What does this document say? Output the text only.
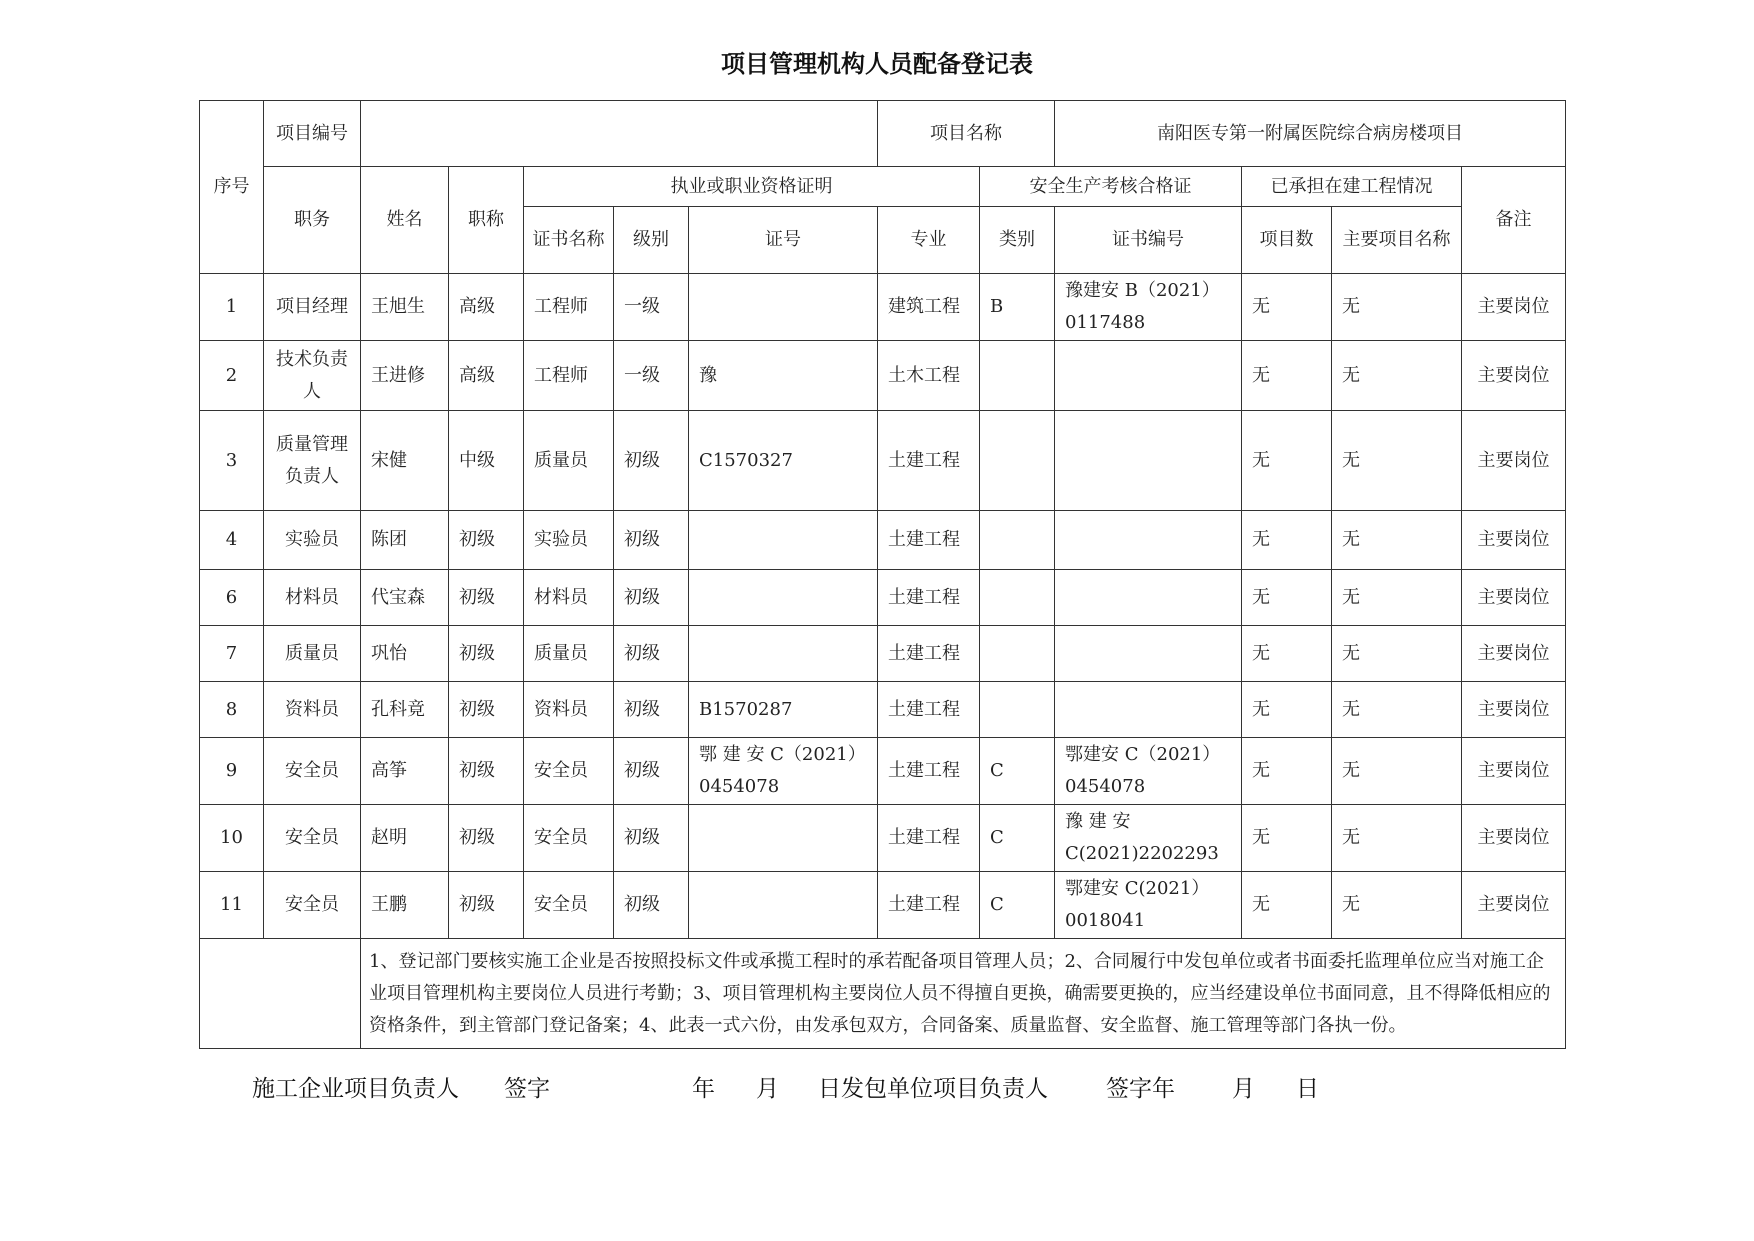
项目管理机构人员配备登记表
序号	项目编号						项目名称		南阳医专第一附属医院综合病房楼项目			
	职务	姓名	职称	执业或职业资格证明				安全生产考核合格证		已承担在建工程情况		备注
				证书名称	级别	证号	专业	类别	证书编号	项目数	主要项目名称	
1	项目经理	王旭生	高级	工程师	一级		建筑工程	B	豫建安 B（2021）0117488	无	无	主要岗位
2	技术负责人	王进修	高级	工程师	一级	豫	土木工程			无	无	主要岗位
3	质量管理负责人	宋健	中级	质量员	初级	C1570327	土建工程			无	无	主要岗位
4	实验员	陈团	初级	实验员	初级		土建工程			无	无	主要岗位
6	材料员	代宝森	初级	材料员	初级		土建工程			无	无	主要岗位
7	质量员	巩怡	初级	质量员	初级		土建工程			无	无	主要岗位
8	资料员	孔科竟	初级	资料员	初级	B1570287	土建工程			无	无	主要岗位
9	安全员	高筝	初级	安全员	初级	鄂 建 安 C（2021）0454078	土建工程	C	鄂建安 C（2021）0454078	无	无	主要岗位
10	安全员	赵明	初级	安全员	初级		土建工程	C	豫 建 安 C(2021)2202293	无	无	主要岗位
11	安全员	王鹏	初级	安全员	初级		土建工程	C	鄂建安 C(2021）0018041	无	无	主要岗位
		1、登记部门要核实施工企业是否按照投标文件或承揽工程时的承若配备项目管理人员；2、合同履行中发包单位或者书面委托监理单位应当对施工企业项目管理机构主要岗位人员进行考勤；3、项目管理机构主要岗位人员不得擅自更换，确需要更换的，应当经建设单位书面同意，且不得降低相应的资格条件，到主管部门登记备案；4、此表一式六份，由发承包双方，合同备案、质量监督、安全监督、施工管理等部门各执一份。										
施工企业项目负责人 签字	年 月 日发包单位项目负责人	签字年 月 日
